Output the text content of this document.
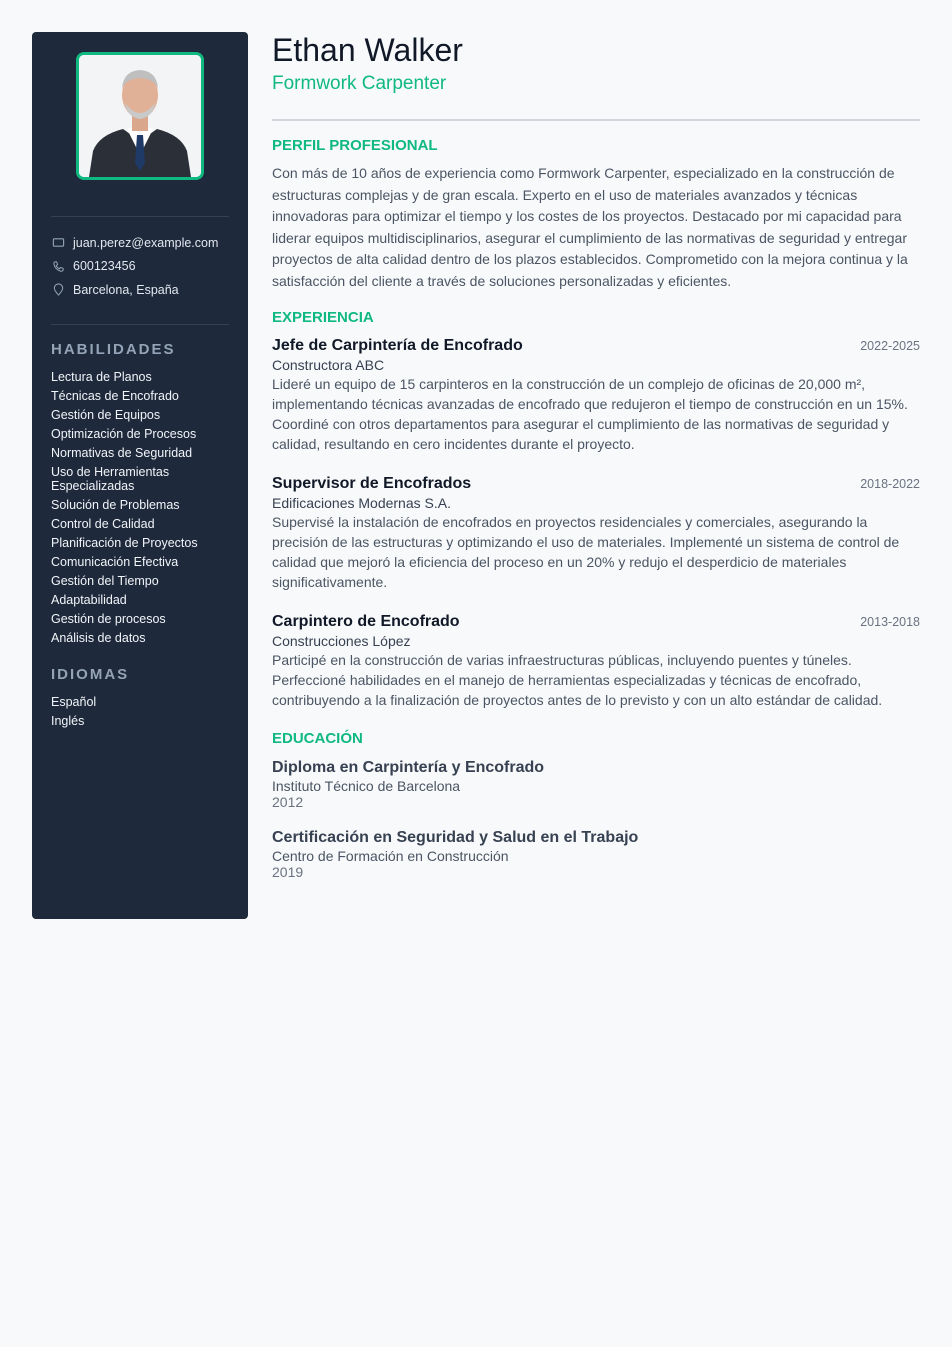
juan.perez@example.com
600123456
Barcelona, España
HABILIDADES
Lectura de Planos
Técnicas de Encofrado
Gestión de Equipos
Optimización de Procesos
Normativas de Seguridad
Uso de Herramientas Especializadas
Solución de Problemas
Control de Calidad
Planificación de Proyectos
Comunicación Efectiva
Gestión del Tiempo
Adaptabilidad
Gestión de procesos
Análisis de datos
IDIOMAS
Español
Inglés
Ethan Walker
Formwork Carpenter
PERFIL PROFESIONAL

Con más de 10 años de experiencia como Formwork Carpenter, especializado en la construcción de estructuras complejas y de gran escala. Experto en el uso de materiales avanzados y técnicas innovadoras para optimizar el tiempo y los costes de los proyectos. Destacado por mi capacidad para liderar equipos multidisciplinarios, asegurar el cumplimiento de las normativas de seguridad y entregar proyectos de alta calidad dentro de los plazos establecidos. Comprometido con la mejora continua y la satisfacción del cliente a través de soluciones personalizadas y eficientes.

EXPERIENCIA
Jefe de Carpintería de Encofrado	2022-2025
Constructora ABC
Lideré un equipo de 15 carpinteros en la construcción de un complejo de oficinas de 20,000 m², implementando técnicas avanzadas de encofrado que redujeron el tiempo de construcción en un 15%. Coordiné con otros departamentos para asegurar el cumplimiento de las normativas de seguridad y calidad, resultando en cero incidentes durante el proyecto.
Supervisor de Encofrados	2018-2022
Edificaciones Modernas S.A.
Supervisé la instalación de encofrados en proyectos residenciales y comerciales, asegurando la precisión de las estructuras y optimizando el uso de materiales. Implementé un sistema de control de calidad que mejoró la eficiencia del proceso en un 20% y redujo el desperdicio de materiales significativamente.
Carpintero de Encofrado	2013-2018
Construcciones López
Participé en la construcción de varias infraestructuras públicas, incluyendo puentes y túneles. Perfeccioné habilidades en el manejo de herramientas especializadas y técnicas de encofrado, contribuyendo a la finalización de proyectos antes de lo previsto y con un alto estándar de calidad.
EDUCACIÓN
Diploma en Carpintería y Encofrado
Instituto Técnico de Barcelona
2012
Certificación en Seguridad y Salud en el Trabajo
Centro de Formación en Construcción
2019
